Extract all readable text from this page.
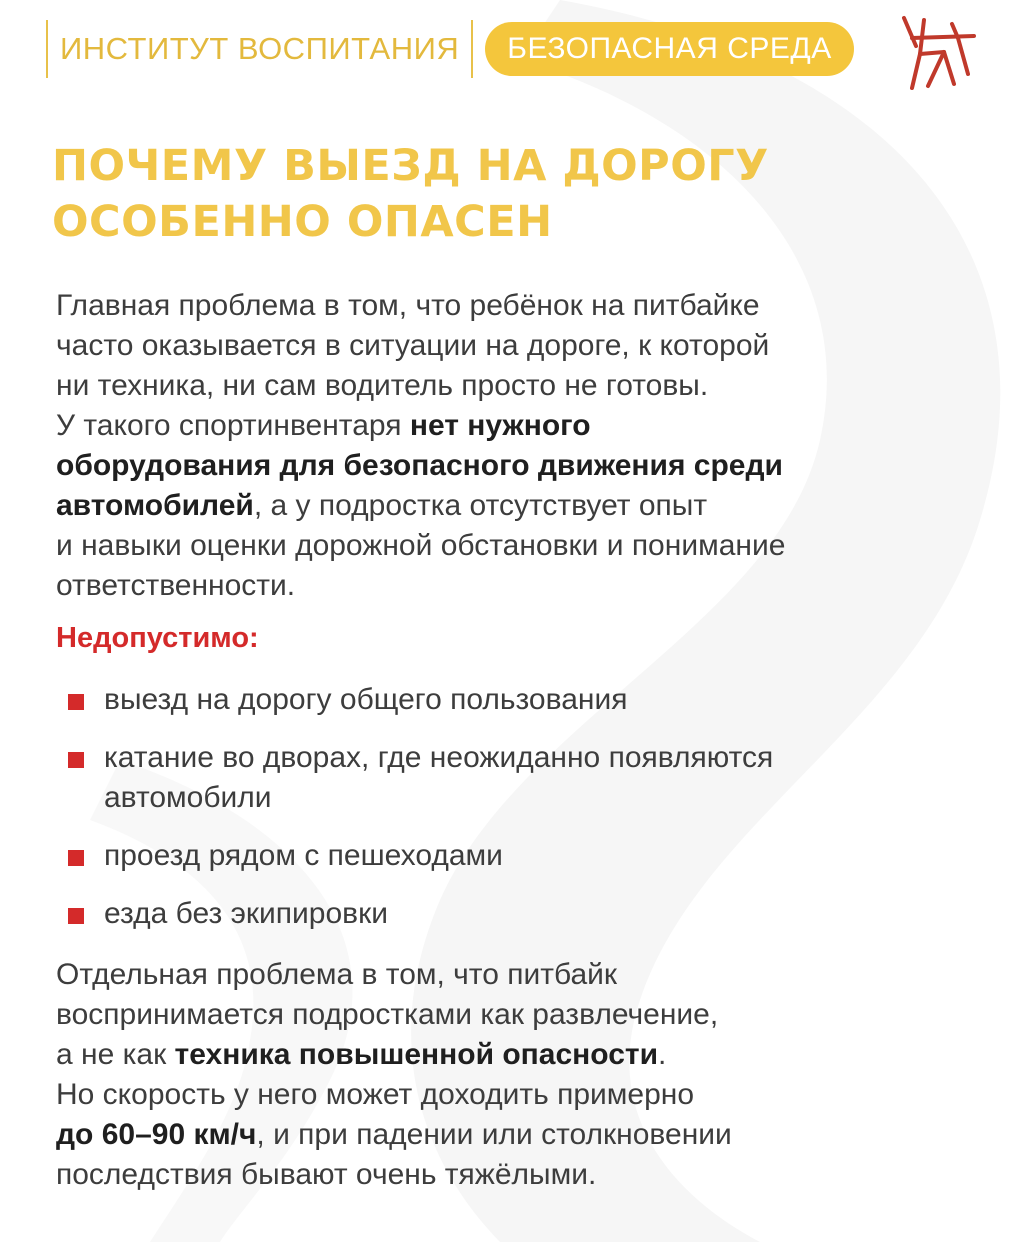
ИНСТИТУТ ВОСПИТАНИЯ	БЕЗОПАСНАЯ СРЕДА
ПОЧЕМУ ВЫЕЗД НА ДОРОГУ
ОСОБЕННО ОПАСЕН

Главная проблема в том, что ребёнок на питбайке
часто оказывается в ситуации на дороге, к которой
ни техника, ни сам водитель просто не готовы.
У такого спортинвентаря нет нужного
оборудования для безопасного движения среди
автомобилей, а у подростка отсутствует опыт
и навыки оценки дорожной обстановки и понимание
ответственности.

Недопустимо:
выезд на дорогу общего пользования
катание во дворах, где неожиданно появляются
автомобили
проезд рядом с пешеходами
езда без экипировки

Отдельная проблема в том, что питбайк
воспринимается подростками как развлечение,
а не как техника повышенной опасности.
Но скорость у него может доходить примерно
до 60–90 км/ч, и при падении или столкновении
последствия бывают очень тяжёлыми.
